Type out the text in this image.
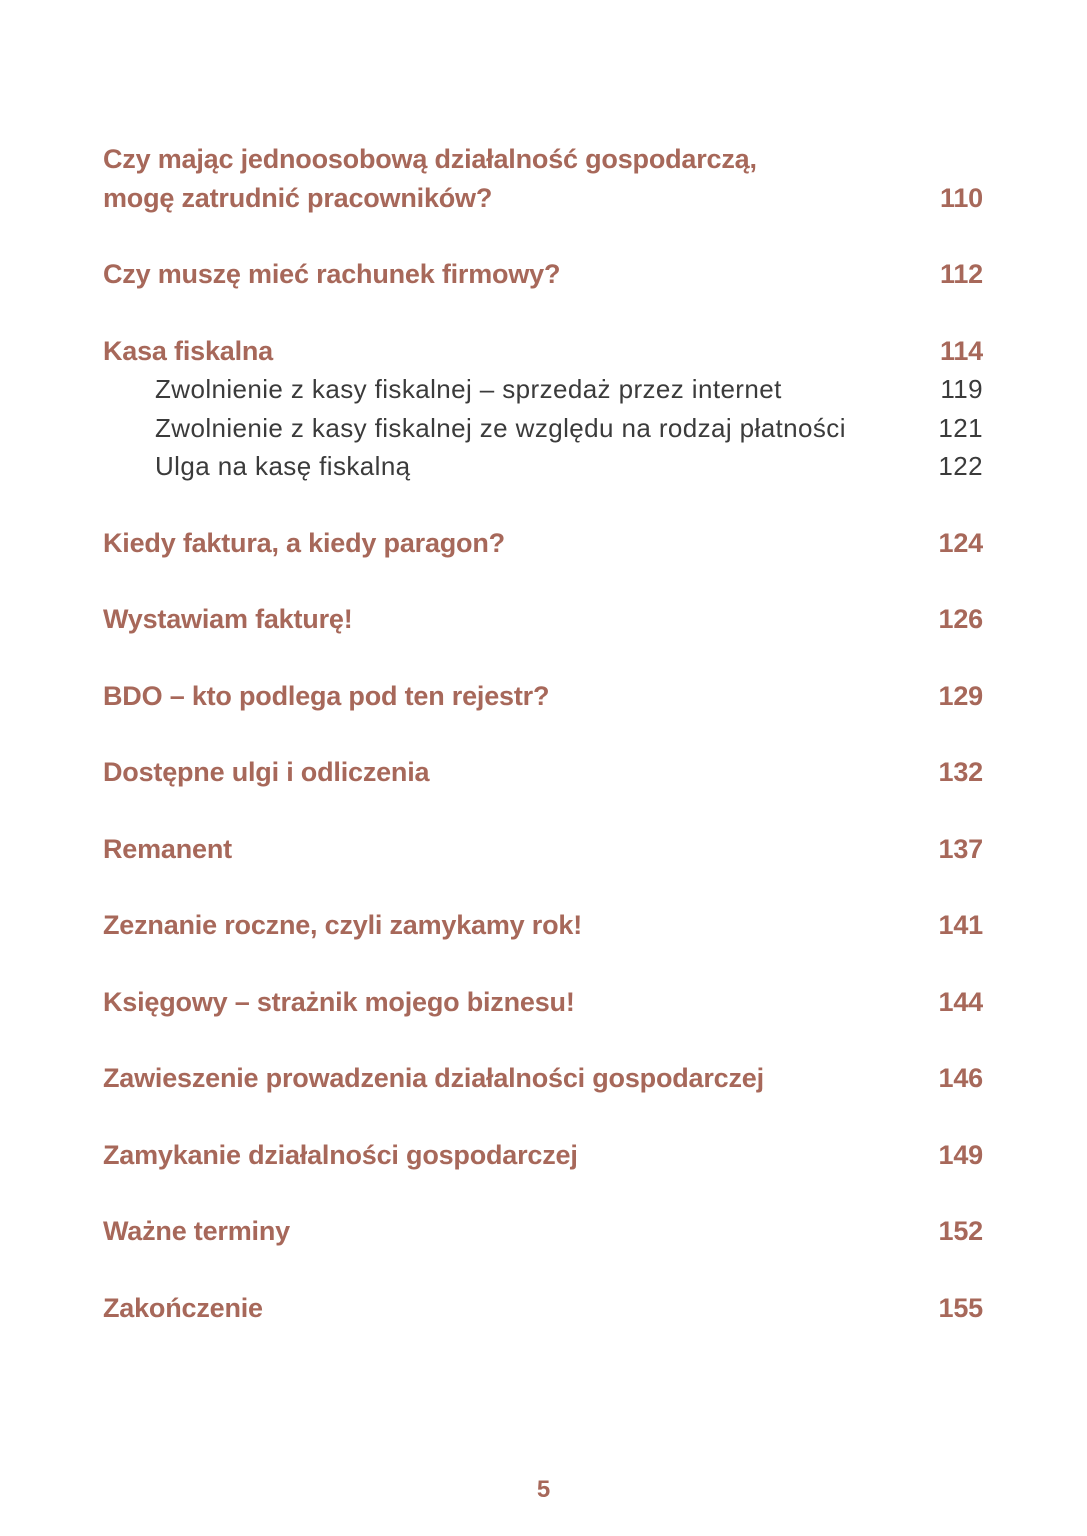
Czy mając jednoosobową działalność gospodarczą, mogę zatrudnić pracowników?	110
Czy muszę mieć rachunek firmowy?	112
Kasa fiskalna	114
Zwolnienie z kasy fiskalnej – sprzedaż przez internet	119
Zwolnienie z kasy fiskalnej ze względu na rodzaj płatności	121
Ulga na kasę fiskalną	122
Kiedy faktura, a kiedy paragon?	124
Wystawiam fakturę!	126
BDO – kto podlega pod ten rejestr?	129
Dostępne ulgi i odliczenia	132
Remanent	137
Zeznanie roczne, czyli zamykamy rok!	141
Księgowy – strażnik mojego biznesu!	144
Zawieszenie prowadzenia działalności gospodarczej	146
Zamykanie działalności gospodarczej	149
Ważne terminy	152
Zakończenie	155
5
